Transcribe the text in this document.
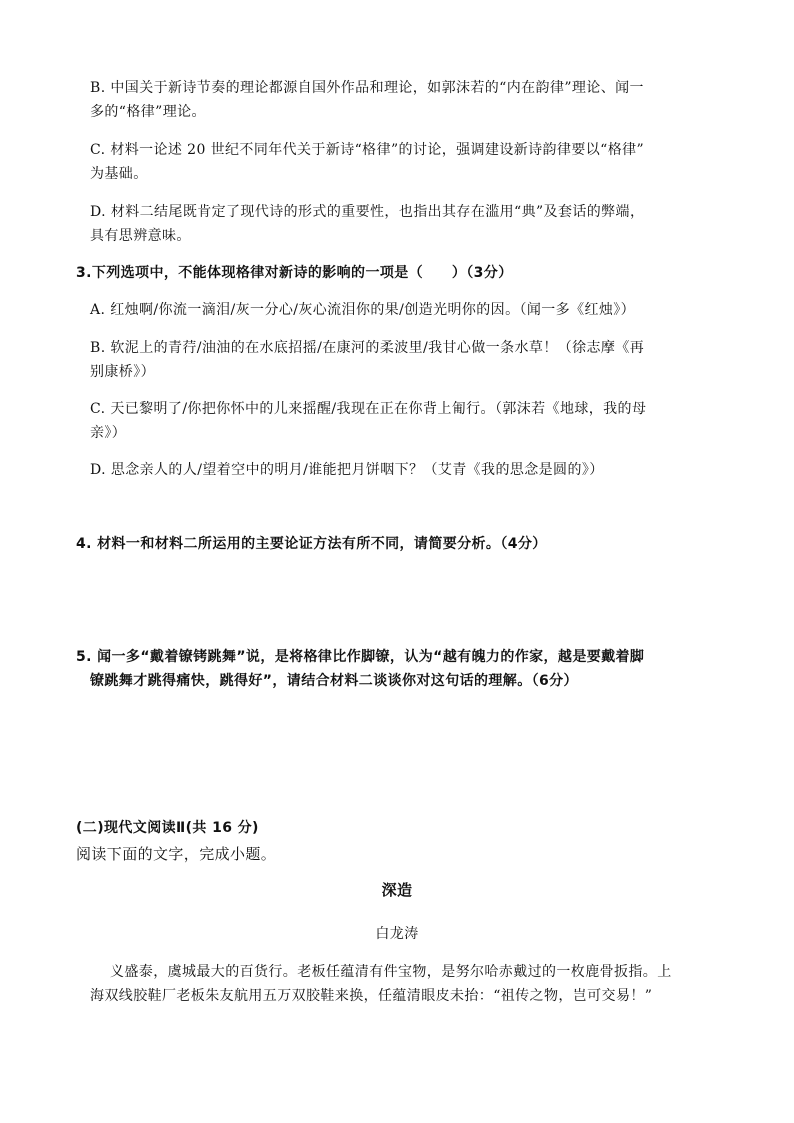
B. 中国关于新诗节奏的理论都源自国外作品和理论，如郭沫若的“内在韵律”理论、闻一
多的“格律”理论。
C. 材料一论述 20 世纪不同年代关于新诗“格律”的讨论，强调建设新诗韵律要以“格律”
为基础。
D. 材料二结尾既肯定了现代诗的形式的重要性，也指出其存在滥用“典”及套话的弊端，
具有思辨意味。
3.下列选项中，不能体现格律对新诗的影响的一项是（　　）（3分）
A. 红烛啊/你流一滴泪/灰一分心/灰心流泪你的果/创造光明你的因。（闻一多《红烛》）
B. 软泥上的青荇/油油的在水底招摇/在康河的柔波里/我甘心做一条水草！（徐志摩《再
别康桥》）
C. 天已黎明了/你把你怀中的儿来摇醒/我现在正在你背上匍行。（郭沫若《地球，我的母
亲》）
D. 思念亲人的人/望着空中的明月/谁能把月饼咽下？（艾青《我的思念是圆的》）
4. 材料一和材料二所运用的主要论证方法有所不同，请简要分析。（4分）
5. 闻一多“戴着镣铐跳舞”说，是将格律比作脚镣，认为“越有魄力的作家，越是要戴着脚
镣跳舞才跳得痛快，跳得好”，请结合材料二谈谈你对这句话的理解。（6分）
(二)现代文阅读Ⅱ(共 16 分)
阅读下面的文字，完成小题。
深造
白龙涛
义盛泰，虞城最大的百货行。老板任蕴清有件宝物，是努尔哈赤戴过的一枚鹿骨扳指。上
海双线胶鞋厂老板朱友航用五万双胶鞋来换，任蕴清眼皮未抬：“祖传之物，岂可交易！”
